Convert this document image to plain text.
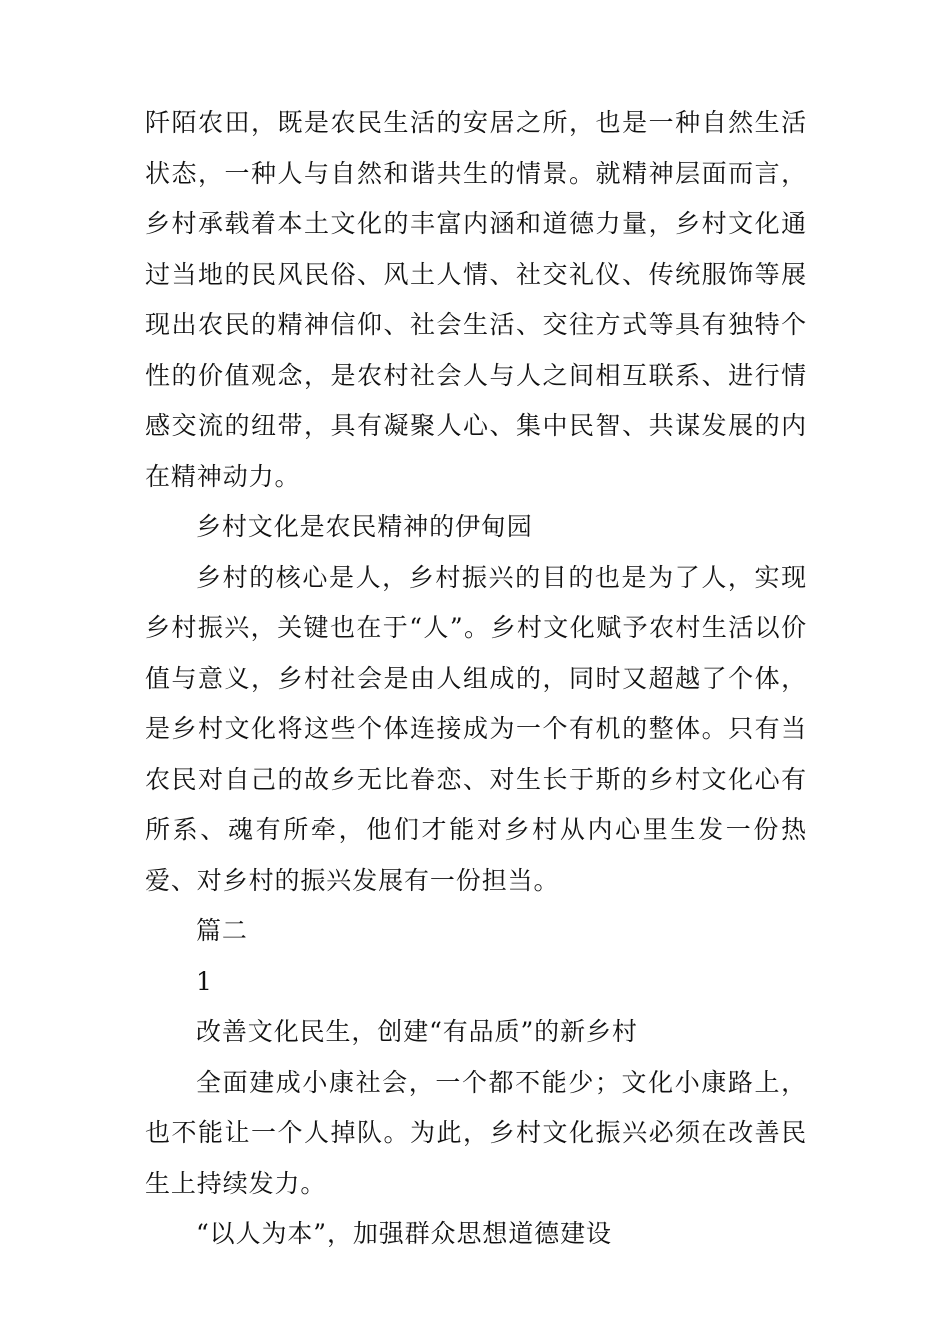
阡陌农田，既是农民生活的安居之所，也是一种自然生活状态，一种人与自然和谐共生的情景。就精神层面而言，乡村承载着本土文化的丰富内涵和道德力量，乡村文化通过当地的民风民俗、风土人情、社交礼仪、传统服饰等展现出农民的精神信仰、社会生活、交往方式等具有独特个性的价值观念，是农村社会人与人之间相互联系、进行情感交流的纽带，具有凝聚人心、集中民智、共谋发展的内在精神动力。

乡村文化是农民精神的伊甸园

乡村的核心是人，乡村振兴的目的也是为了人，实现乡村振兴，关键也在于“人”。乡村文化赋予农村生活以价值与意义，乡村社会是由人组成的，同时又超越了个体，是乡村文化将这些个体连接成为一个有机的整体。只有当农民对自己的故乡无比眷恋、对生长于斯的乡村文化心有所系、魂有所牵，他们才能对乡村从内心里生发一份热爱、对乡村的振兴发展有一份担当。

篇二

1

改善文化民生，创建“有品质”的新乡村

全面建成小康社会，一个都不能少；文化小康路上，也不能让一个人掉队。为此，乡村文化振兴必须在改善民生上持续发力。

“以人为本”，加强群众思想道德建设
